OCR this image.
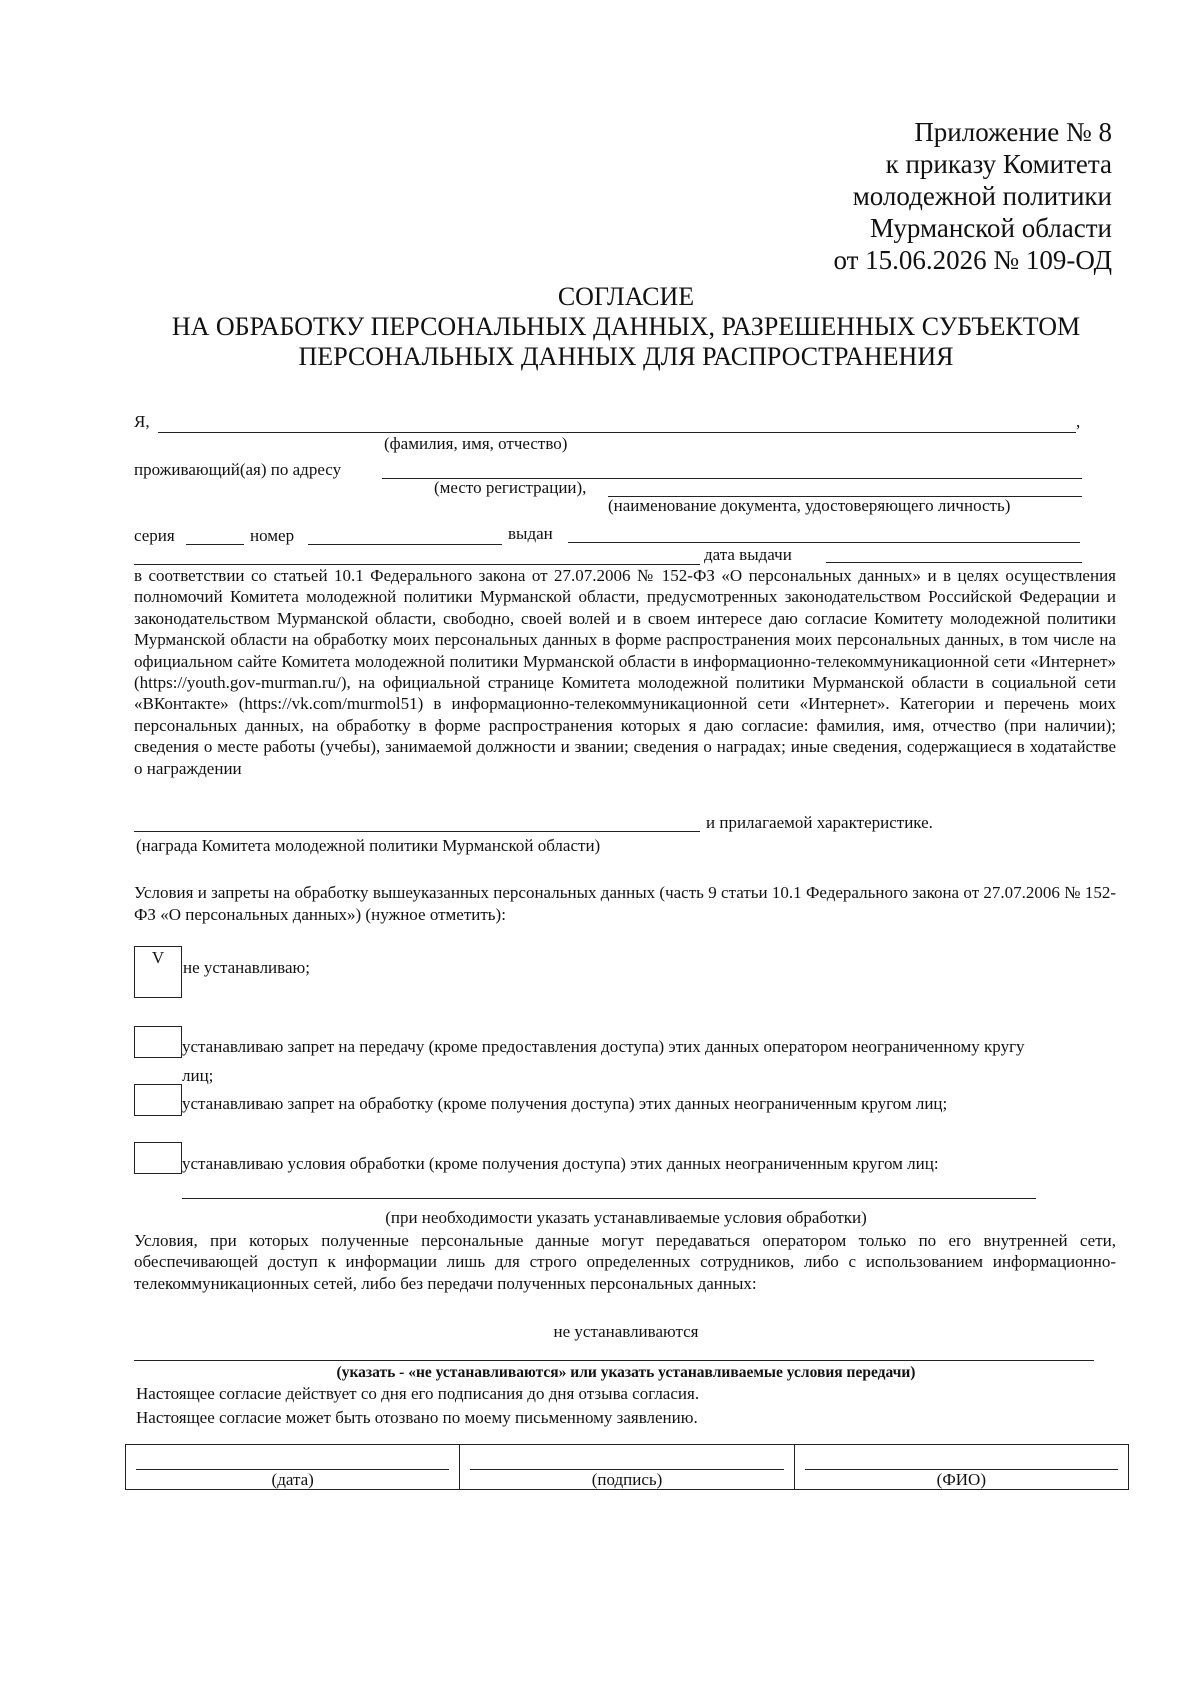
Приложение № 8
к приказу Комитета
молодежной политики
Мурманской области
от 15.06.2026 № 109-ОД
СОГЛАСИЕ
НА ОБРАБОТКУ ПЕРСОНАЛЬНЫХ ДАННЫХ, РАЗРЕШЕННЫХ СУБЪЕКТОМ
ПЕРСОНАЛЬНЫХ ДАННЫХ ДЛЯ РАСПРОСТРАНЕНИЯ
Я,	,
(фамилия, имя, отчество)
проживающий(ая) по адресу
(место регистрации),
(наименование документа, удостоверяющего личность)
серия	номер	выдан
дата выдачи
в соответствии со статьей 10.1 Федерального закона от 27.07.2006 № 152-ФЗ «О персональных данных» и в целях осуществления полномочий Комитета молодежной политики Мурманской области, предусмотренных законодательством Российской Федерации и законодательством Мурманской области, свободно, своей волей и в своем интересе даю согласие Комитету молодежной политики Мурманской области на обработку моих персональных данных в форме распространения моих персональных данных, в том числе на официальном сайте Комитета молодежной политики Мурманской области в информационно-телекоммуникационной сети «Интернет» (https://youth.gov-murman.ru/), на официальной странице Комитета молодежной политики Мурманской области в социальной сети «ВКонтакте» (https://vk.com/murmol51) в информационно-телекоммуникационной сети «Интернет». Категории и перечень моих персональных данных, на обработку в форме распространения которых я даю согласие: фамилия, имя, отчество (при наличии); сведения о месте работы (учебы), занимаемой должности и звании; сведения о наградах; иные сведения, содержащиеся в ходатайстве о награждении
и прилагаемой характеристике.
(награда Комитета молодежной политики Мурманской области)
Условия и запреты на обработку вышеуказанных персональных данных (часть 9 статьи 10.1 Федерального закона от 27.07.2006 № 152-ФЗ «О персональных данных») (нужное отметить):
V
не устанавливаю;
устанавливаю запрет на передачу (кроме предоставления доступа) этих данных оператором неограниченному кругу
лиц;
устанавливаю запрет на обработку (кроме получения доступа) этих данных неограниченным кругом лиц;
устанавливаю условия обработки (кроме получения доступа) этих данных неограниченным кругом лиц:
(при необходимости указать устанавливаемые условия обработки)
Условия, при которых полученные персональные данные могут передаваться оператором только по его внутренней сети, обеспечивающей доступ к информации лишь для строго определенных сотрудников, либо с использованием информационно-телекоммуникационных сетей, либо без передачи полученных персональных данных:
не устанавливаются
(указать - «не устанавливаются» или указать устанавливаемые условия передачи)
Настоящее согласие действует со дня его подписания до дня отзыва согласия.
Настоящее согласие может быть отозвано по моему письменному заявлению.
(дата)	(подпись)	(ФИО)
